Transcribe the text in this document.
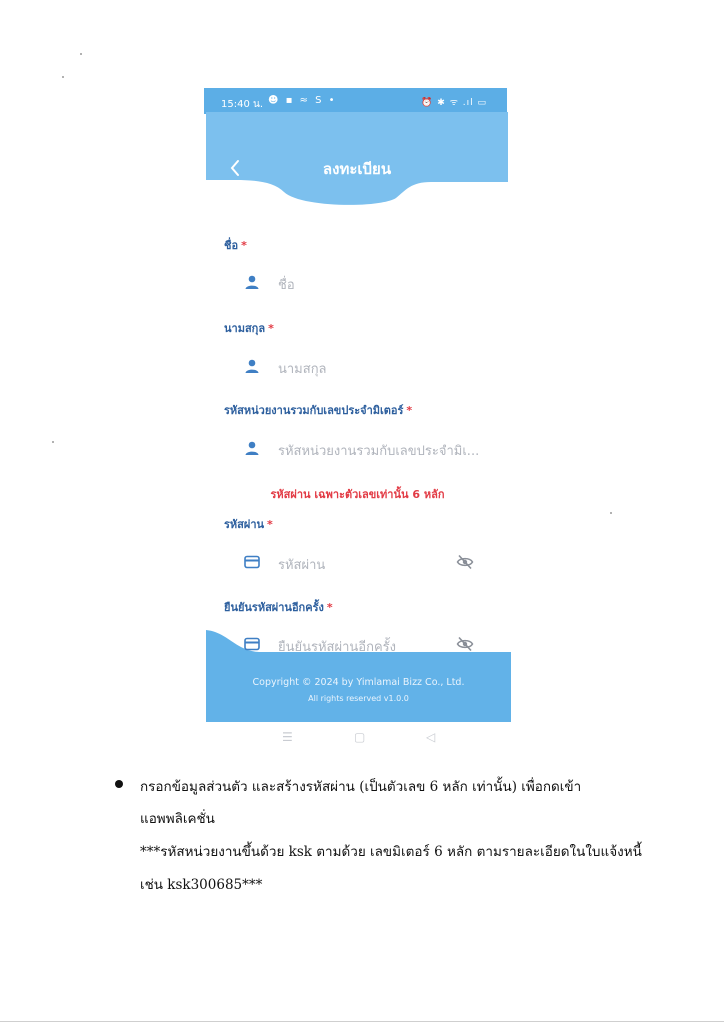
15:40 น. ☻ ▪ ≈ S •	⏰ ✱ ᯤ .ıl ▭
ลงทะเบียน
ชื่อ *
ชื่อ
นามสกุล *
นามสกุล
รหัสหน่วยงานรวมกับเลขประจำมิเตอร์ *
รหัสหน่วยงานรวมกับเลขประจำมิเ...
รหัสผ่าน เฉพาะตัวเลขเท่านั้น 6 หลัก
รหัสผ่าน *
รหัสผ่าน
ยืนยันรหัสผ่านอีกครั้ง *
Copyright © 2024 by Yimlamai Bizz Co., Ltd.
All rights reserved v1.0.0
ยืนยันรหัสผ่านอีกครั้ง
☰	▢	◁
กรอกข้อมูลส่วนตัว และสร้างรหัสผ่าน (เป็นตัวเลข 6 หลัก เท่านั้น) เพื่อกดเข้า
แอพพลิเคชั่น
***รหัสหน่วยงานขึ้นด้วย ksk ตามด้วย เลขมิเตอร์ 6 หลัก ตามรายละเอียดในใบแจ้งหนี้
เช่น ksk300685***
